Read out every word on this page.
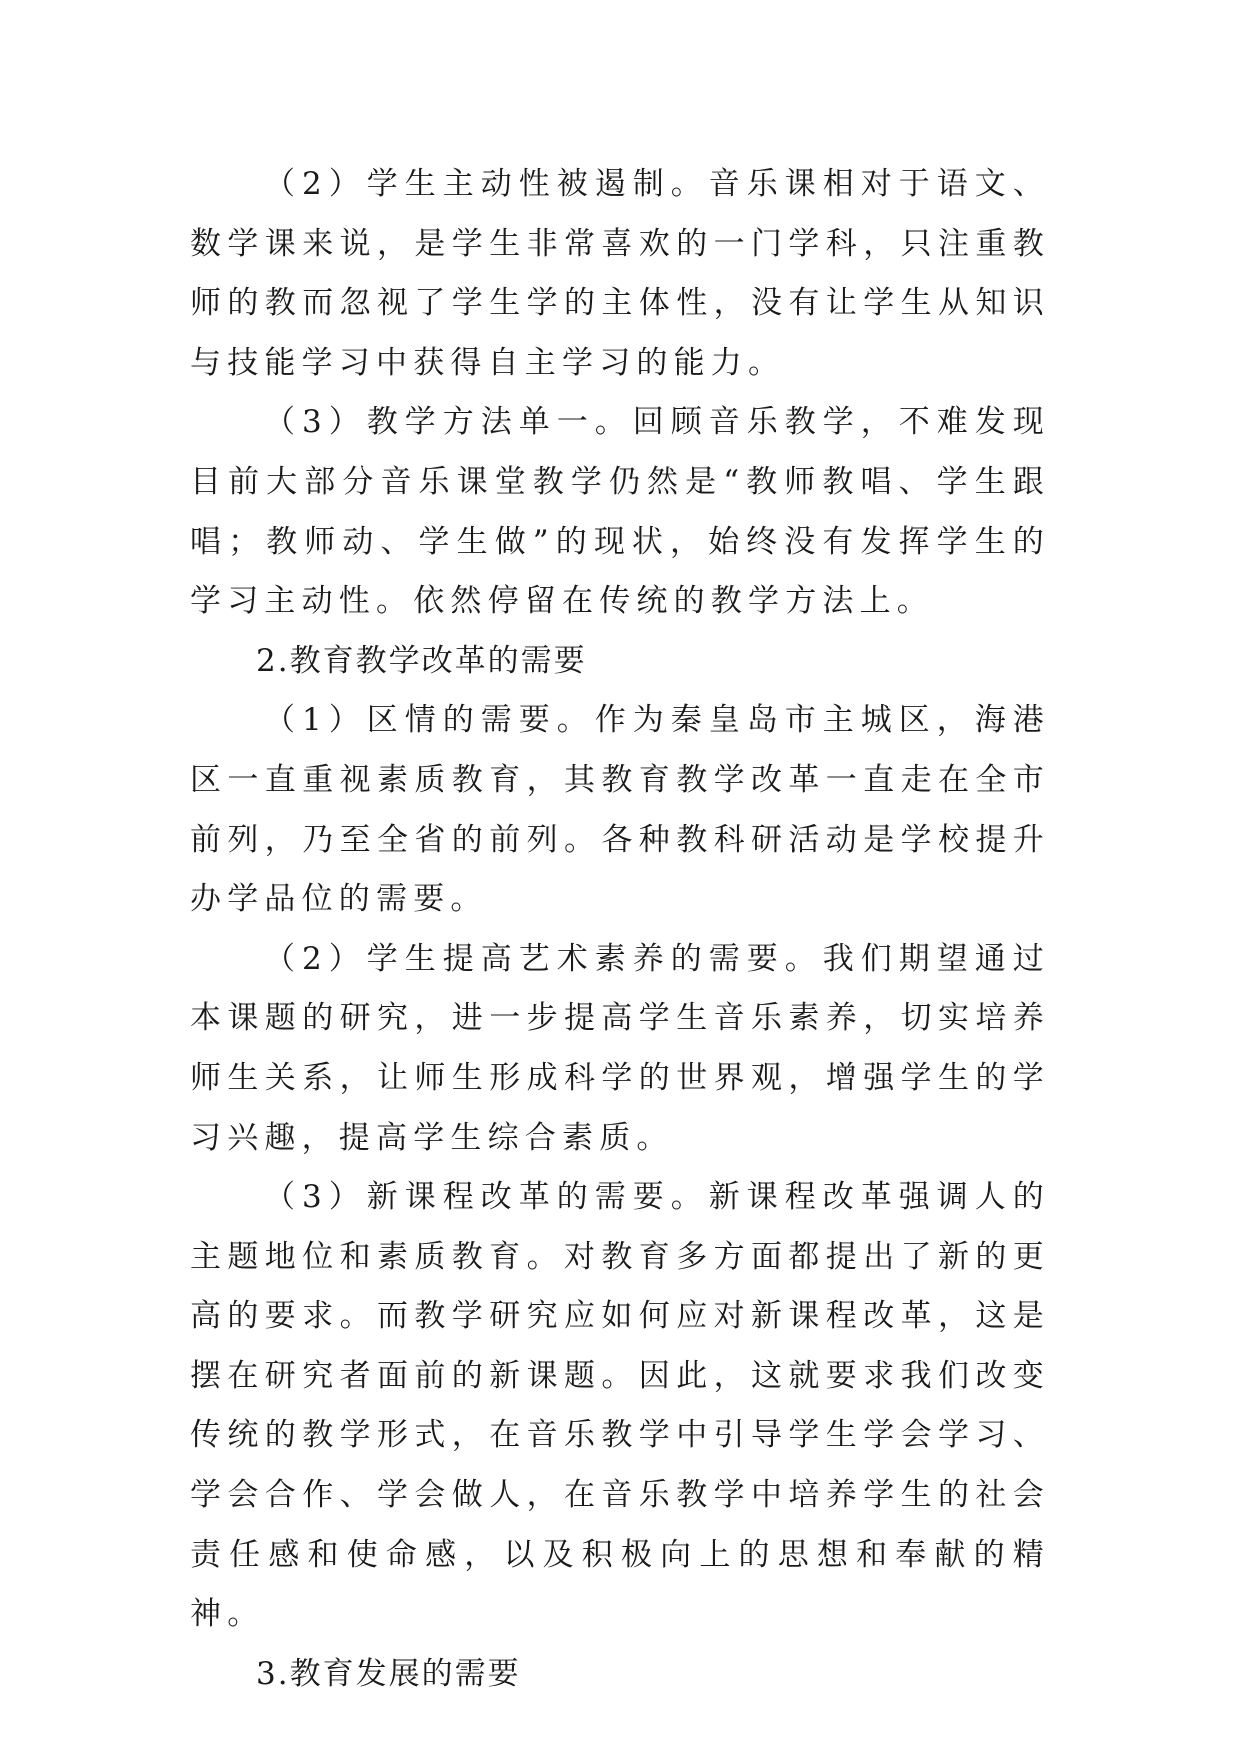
（2）学生主动性被遏制。音乐课相对于语文、数学课来说，是学生非常喜欢的一门学科，只注重教师的教而忽视了学生学的主体性，没有让学生从知识与技能学习中获得自主学习的能力。

（3）教学方法单一。回顾音乐教学，不难发现目前大部分音乐课堂教学仍然是“教师教唱、学生跟唱；教师动、学生做”的现状，始终没有发挥学生的学习主动性。依然停留在传统的教学方法上。

2.教育教学改革的需要

（1）区情的需要。作为秦皇岛市主城区，海港区一直重视素质教育，其教育教学改革一直走在全市前列，乃至全省的前列。各种教科研活动是学校提升办学品位的需要。

（2）学生提高艺术素养的需要。我们期望通过本课题的研究，进一步提高学生音乐素养，切实培养师生关系，让师生形成科学的世界观，增强学生的学习兴趣，提高学生综合素质。

（3）新课程改革的需要。新课程改革强调人的主题地位和素质教育。对教育多方面都提出了新的更高的要求。而教学研究应如何应对新课程改革，这是摆在研究者面前的新课题。因此，这就要求我们改变传统的教学形式，在音乐教学中引导学生学会学习、学会合作、学会做人，在音乐教学中培养学生的社会责任感和使命感，以及积极向上的思想和奉献的精神。

3.教育发展的需要
